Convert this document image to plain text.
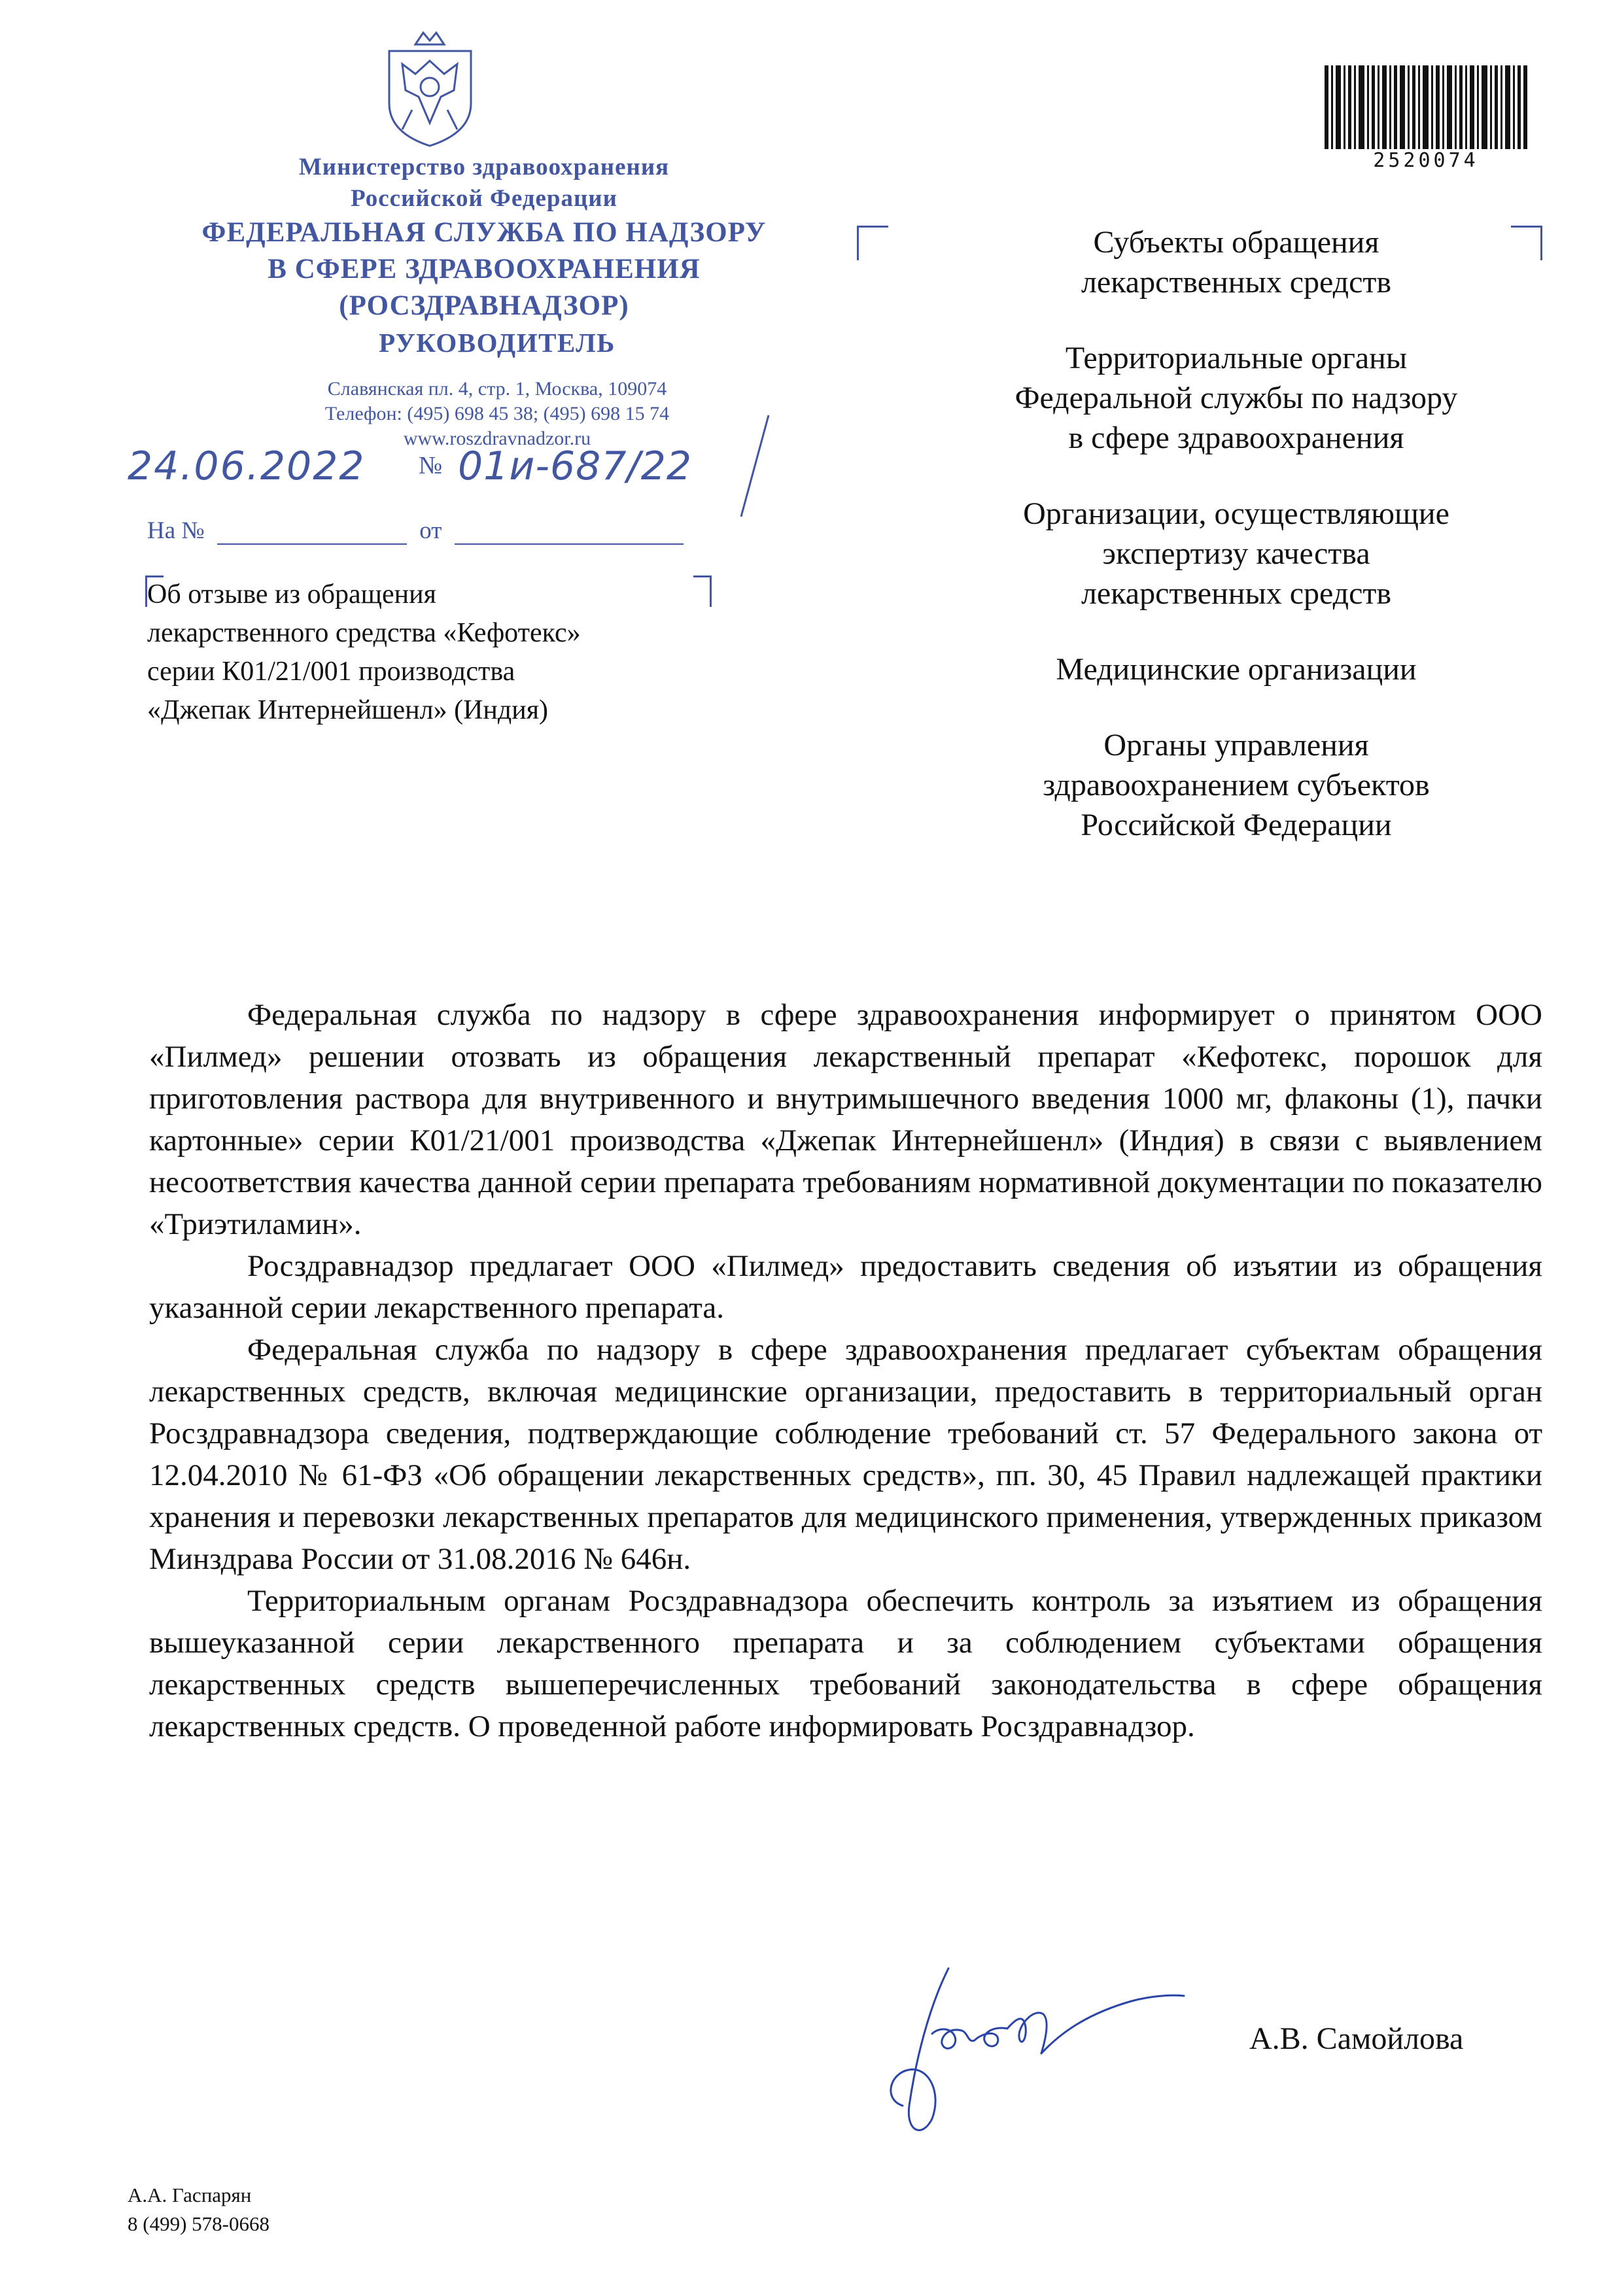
Министерство здравоохранения
Российской Федерации
ФЕДЕРАЛЬНАЯ СЛУЖБА ПО НАДЗОРУ
В СФЕРЕ ЗДРАВООХРАНЕНИЯ
(РОСЗДРАВНАДЗОР)
РУКОВОДИТЕЛЬ
Славянская пл. 4, стр. 1, Москва, 109074
Телефон: (495) 698 45 38; (495) 698 15 74
www.roszdravnadzor.ru
24.06.2022 № 01и-687/22
На №	от
Об отзыве из обращения
лекарственного средства «Кефотекс»
серии К01/21/001 производства
«Джепак Интернейшенл» (Индия)
2520074
Субъекты обращения
лекарственных средств
Территориальные органы
Федеральной службы по надзору
в сфере здравоохранения
Организации, осуществляющие
экспертизу качества
лекарственных средств
Медицинские организации
Органы управления
здравоохранением субъектов
Российской Федерации

Федеральная служба по надзору в сфере здравоохранения информирует о принятом ООО «Пилмед» решении отозвать из обращения лекарственный препарат «Кефотекс, порошок для приготовления раствора для внутривенного и внутримышечного введения 1000 мг, флаконы (1), пачки картонные» серии К01/21/001 производства «Джепак Интернейшенл» (Индия) в связи с выявлением несоответствия качества данной серии препарата требованиям нормативной документации по показателю «Триэтиламин».

Росздравнадзор предлагает ООО «Пилмед» предоставить сведения об изъятии из обращения указанной серии лекарственного препарата.

Федеральная служба по надзору в сфере здравоохранения предлагает субъектам обращения лекарственных средств, включая медицинские организации, предоставить в территориальный орган Росздравнадзора сведения, подтверждающие соблюдение требований ст. 57 Федерального закона от 12.04.2010 № 61-ФЗ «Об обращении лекарственных средств», пп. 30, 45 Правил надлежащей практики хранения и перевозки лекарственных препаратов для медицинского применения, утвержденных приказом Минздрава России от 31.08.2016 № 646н.

Территориальным органам Росздравнадзора обеспечить контроль за изъятием из обращения вышеуказанной серии лекарственного препарата и за соблюдением субъектами обращения лекарственных средств вышеперечисленных требований законодательства в сфере обращения лекарственных средств. О проведенной работе информировать Росздравнадзор.

А.В. Самойлова
А.А. Гаспарян
8 (499) 578-0668
